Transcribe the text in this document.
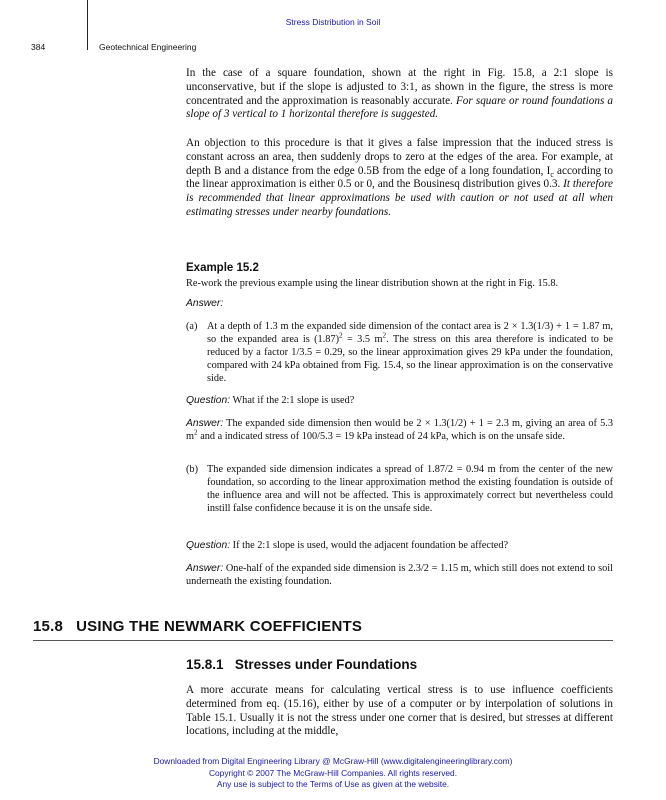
Stress Distribution in Soil
384	Geotechnical Engineering
In the case of a square foundation, shown at the right in Fig. 15.8, a 2:1 slope is unconservative, but if the slope is adjusted to 3:1, as shown in the figure, the stress is more concentrated and the approximation is reasonably accurate. For square or round foundations a slope of 3 vertical to 1 horizontal therefore is suggested.
An objection to this procedure is that it gives a false impression that the induced stress is constant across an area, then suddenly drops to zero at the edges of the area. For example, at depth B and a distance from the edge 0.5B from the edge of a long foundation, $I_c$ according to the linear approximation is either 0.5 or 0, and the Bousinesq distribution gives 0.3. It therefore is recommended that linear approximations be used with caution or not used at all when estimating stresses under nearby foundations.
Example 15.2
Re-work the previous example using the linear distribution shown at the right in Fig. 15.8.
Answer:
(a) At a depth of 1.3 m the expanded side dimension of the contact area is 2 × 1.3(1/3) + 1 = 1.87 m, so the expanded area is $(1.87)^2 = 3.5$ $m^2$. The stress on this area therefore is indicated to be reduced by a factor 1/3.5 = 0.29, so the linear approximation gives 29 kPa under the foundation, compared with 24 kPa obtained from Fig. 15.4, so the linear approximation is on the conservative side.
Question: What if the 2:1 slope is used?
Answer: The expanded side dimension then would be 2 × 1.3(1/2) + 1 = 2.3 m, giving an area of 5.3 $m^2$ and a indicated stress of 100/5.3 = 19 kPa instead of 24 kPa, which is on the unsafe side.
(b) The expanded side dimension indicates a spread of 1.87/2 = 0.94 m from the center of the new foundation, so according to the linear approximation method the existing foundation is outside of the influence area and will not be affected. This is approximately correct but nevertheless could instill false confidence because it is on the unsafe side.
Question: If the 2:1 slope is used, would the adjacent foundation be affected?
Answer: One-half of the expanded side dimension is 2.3/2 = 1.15 m, which still does not extend to soil underneath the existing foundation.
15.8 USING THE NEWMARK COEFFICIENTS
15.8.1 Stresses under Foundations
A more accurate means for calculating vertical stress is to use influence coefficients determined from eq. (15.16), either by use of a computer or by interpolation of solutions in Table 15.1. Usually it is not the stress under one corner that is desired, but stresses at different locations, including at the middle,
Downloaded from Digital Engineering Library @ McGraw-Hill (www.digitalengineeringlibrary.com)
Copyright © 2007 The McGraw-Hill Companies. All rights reserved.
Any use is subject to the Terms of Use as given at the website.
